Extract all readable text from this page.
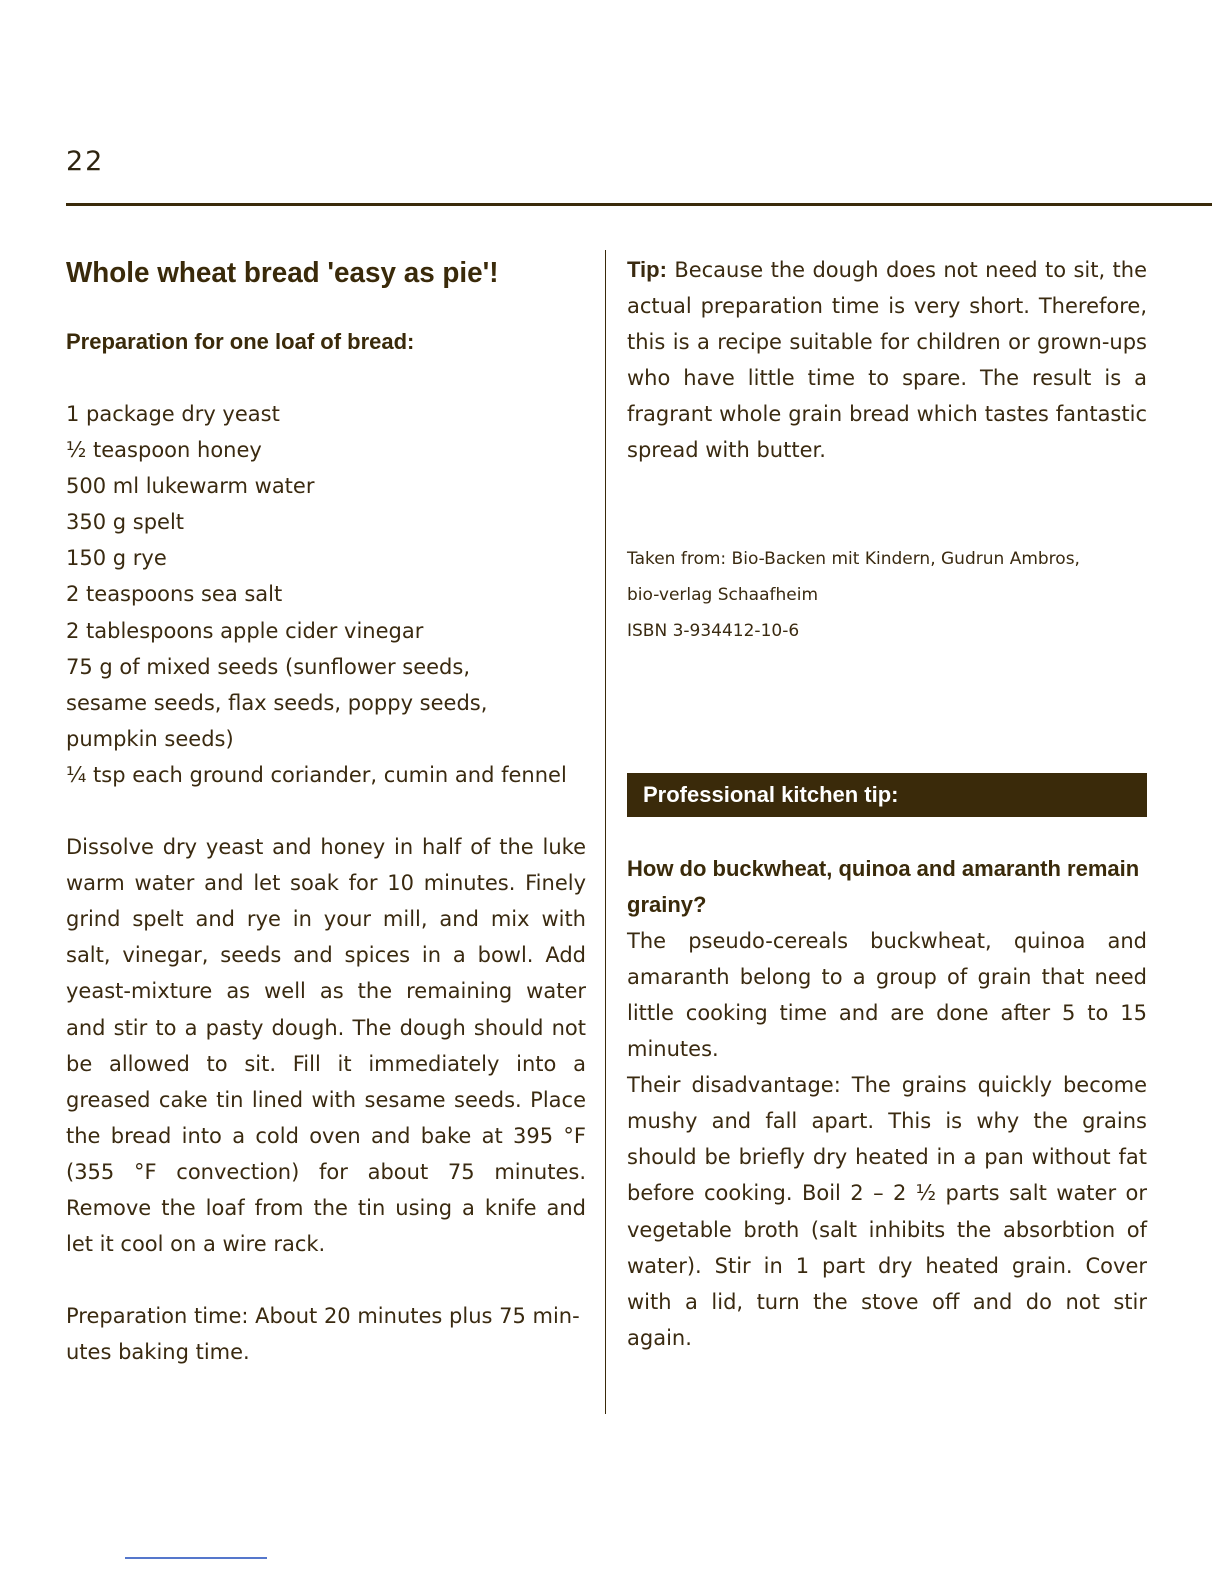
22
Whole wheat bread 'easy as pie'!
Preparation for one loaf of bread:
1 package dry yeast
½ teaspoon honey
500 ml lukewarm water
350 g spelt
150 g rye
2 teaspoons sea salt
2 tablespoons apple cider vinegar
75 g of mixed seeds (sunflower seeds,
sesame seeds, flax seeds, poppy seeds,
pumpkin seeds)
¼ tsp each ground coriander, cumin and fennel

Dissolve dry yeast and honey in half of the luke warm water and let soak for 10 minutes. Finely grind spelt and rye in your mill, and mix with salt, vinegar, seeds and spices in a bowl. Add yeast-mixture as well as the remaining water and stir to a pasty dough. The dough should not be allowed to sit. Fill it immediately into a greased cake tin lined with sesame seeds. Place the bread into a cold oven and bake at 395 °F (355 °F convection) for about 75 minutes. Remove the loaf from the tin using a knife and let it cool on a wire rack.

Preparation time: About 20 minutes plus 75 min-utes baking time.

Tip: Because the dough does not need to sit, the actual preparation time is very short. Therefore, this is a recipe suitable for children or grown-ups who have little time to spare. The result is a fragrant whole grain bread which tastes fantastic spread with butter.

Taken from: Bio-Backen mit Kindern, Gudrun Ambros,

bio-verlag Schaafheim

ISBN 3-934412-10-6

Professional kitchen tip:

How do buckwheat, quinoa and amaranth remain grainy?

The pseudo-cereals buckwheat, quinoa and amaranth belong to a group of grain that need little cooking time and are done after 5 to 15 minutes.

Their disadvantage: The grains quickly become mushy and fall apart. This is why the grains should be briefly dry heated in a pan without fat before cooking. Boil 2 – 2 ½ parts salt water or vegetable broth (salt inhibits the absorbtion of water). Stir in 1 part dry heated grain. Cover with a lid, turn the stove off and do not stir again.
